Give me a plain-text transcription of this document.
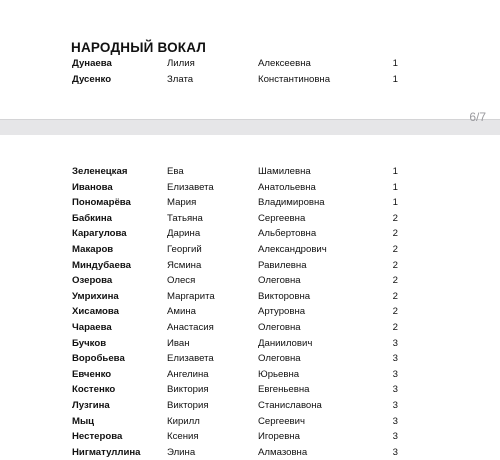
НАРОДНЫЙ ВОКАЛ
Дунаева	Лилия	Алексеевна	1
Дусенко	Злата	Константиновна	1
6/7
Зеленецкая	Ева	Шамилевна	1
Иванова	Елизавета	Анатольевна	1
Пономарёва	Мария	Владимировна	1
Бабкина	Татьяна	Сергеевна	2
Карагулова	Дарина	Альбертовна	2
Макаров	Георгий	Александрович	2
Миндубаева	Ясмина	Равилевна	2
Озерова	Олеся	Олеговна	2
Умрихина	Маргарита	Викторовна	2
Хисамова	Амина	Артуровна	2
Чараева	Анастасия	Олеговна	2
Бучков	Иван	Даниилович	3
Воробьева	Елизавета	Олеговна	3
Евченко	Ангелина	Юрьевна	3
Костенко	Виктория	Евгеньевна	3
Лузгина	Виктория	Станиславона	3
Мыц	Кирилл	Сергеевич	3
Нестерова	Ксения	Игоревна	3
Нигматуллина	Элина	Алмазовна	3
